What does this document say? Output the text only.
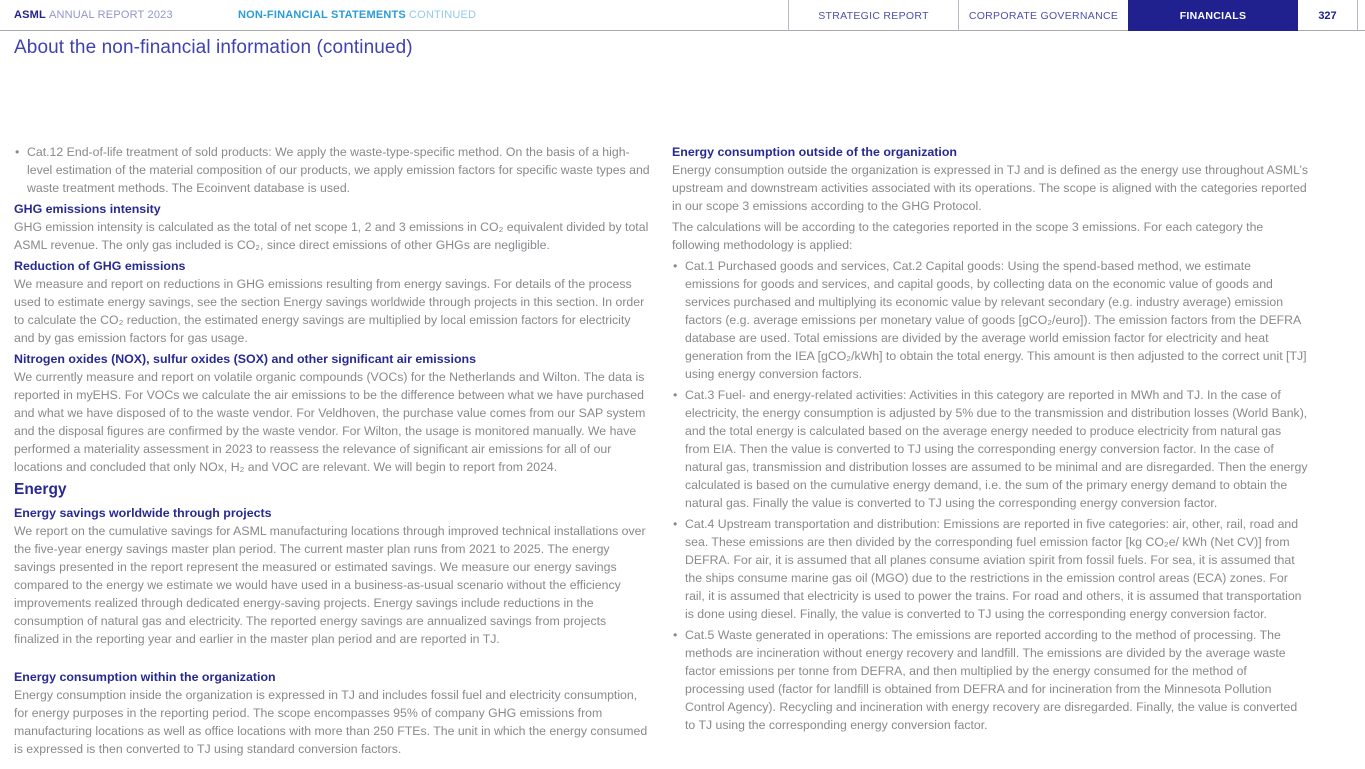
ASML ANNUAL REPORT 2023	NON-FINANCIAL STATEMENTS CONTINUED	STRATEGIC REPORT	CORPORATE GOVERNANCE	FINANCIALS	327
About the non-financial information (continued)
• Cat.12 End-of-life treatment of sold products: We apply the waste-type-specific method. On the basis of a high-level estimation of the material composition of our products, we apply emission factors for specific waste types and waste treatment methods. The Ecoinvent database is used.
GHG emissions intensity

GHG emission intensity is calculated as the total of net scope 1, 2 and 3 emissions in CO₂ equivalent divided by total ASML revenue. The only gas included is CO₂, since direct emissions of other GHGs are negligible.

Reduction of GHG emissions

We measure and report on reductions in GHG emissions resulting from energy savings. For details of the process used to estimate energy savings, see the section Energy savings worldwide through projects in this section. In order to calculate the CO₂ reduction, the estimated energy savings are multiplied by local emission factors for electricity and by gas emission factors for gas usage.

Nitrogen oxides (NOX), sulfur oxides (SOX) and other significant air emissions

We currently measure and report on volatile organic compounds (VOCs) for the Netherlands and Wilton. The data is reported in myEHS. For VOCs we calculate the air emissions to be the difference between what we have purchased and what we have disposed of to the waste vendor. For Veldhoven, the purchase value comes from our SAP system and the disposal figures are confirmed by the waste vendor. For Wilton, the usage is monitored manually. We have performed a materiality assessment in 2023 to reassess the relevance of significant air emissions for all of our locations and concluded that only NOx, H₂ and VOC are relevant. We will begin to report from 2024.

Energy
Energy savings worldwide through projects

We report on the cumulative savings for ASML manufacturing locations through improved technical installations over the five-year energy savings master plan period. The current master plan runs from 2021 to 2025. The energy savings presented in the report represent the measured or estimated savings. We measure our energy savings compared to the energy we estimate we would have used in a business-as-usual scenario without the efficiency improvements realized through dedicated energy-saving projects. Energy savings include reductions in the consumption of natural gas and electricity. The reported energy savings are annualized savings from projects finalized in the reporting year and earlier in the master plan period and are reported in TJ.

Energy consumption within the organization

Energy consumption inside the organization is expressed in TJ and includes fossil fuel and electricity consumption, for energy purposes in the reporting period. The scope encompasses 95% of company GHG emissions from manufacturing locations as well as office locations with more than 250 FTEs. The unit in which the energy consumed is expressed is then converted to TJ using standard conversion factors.

Energy consumption outside of the organization

Energy consumption outside the organization is expressed in TJ and is defined as the energy use throughout ASML’s upstream and downstream activities associated with its operations. The scope is aligned with the categories reported in our scope 3 emissions according to the GHG Protocol.

The calculations will be according to the categories reported in the scope 3 emissions. For each category the following methodology is applied:

• Cat.1 Purchased goods and services, Cat.2 Capital goods: Using the spend-based method, we estimate emissions for goods and services, and capital goods, by collecting data on the economic value of goods and services purchased and multiplying its economic value by relevant secondary (e.g. industry average) emission factors (e.g. average emissions per monetary value of goods [gCO₂/euro]). The emission factors from the DEFRA database are used. Total emissions are divided by the average world emission factor for electricity and heat generation from the IEA [gCO₂/kWh] to obtain the total energy. This amount is then adjusted to the correct unit [TJ] using energy conversion factors.
• Cat.3 Fuel- and energy-related activities: Activities in this category are reported in MWh and TJ. In the case of electricity, the energy consumption is adjusted by 5% due to the transmission and distribution losses (World Bank), and the total energy is calculated based on the average energy needed to produce electricity from natural gas from EIA. Then the value is converted to TJ using the corresponding energy conversion factor. In the case of natural gas, transmission and distribution losses are assumed to be minimal and are disregarded. Then the energy calculated is based on the cumulative energy demand, i.e. the sum of the primary energy demand to obtain the natural gas. Finally the value is converted to TJ using the corresponding energy conversion factor.
• Cat.4 Upstream transportation and distribution: Emissions are reported in five categories: air, other, rail, road and sea. These emissions are then divided by the corresponding fuel emission factor [kg CO₂e/ kWh (Net CV)] from DEFRA. For air, it is assumed that all planes consume aviation spirit from fossil fuels. For sea, it is assumed that the ships consume marine gas oil (MGO) due to the restrictions in the emission control areas (ECA) zones. For rail, it is assumed that electricity is used to power the trains. For road and others, it is assumed that transportation is done using diesel. Finally, the value is converted to TJ using the corresponding energy conversion factor.
• Cat.5 Waste generated in operations: The emissions are reported according to the method of processing. The methods are incineration without energy recovery and landfill. The emissions are divided by the average waste factor emissions per tonne from DEFRA, and then multiplied by the energy consumed for the method of processing used (factor for landfill is obtained from DEFRA and for incineration from the Minnesota Pollution Control Agency). Recycling and incineration with energy recovery are disregarded. Finally, the value is converted to TJ using the corresponding energy conversion factor.
